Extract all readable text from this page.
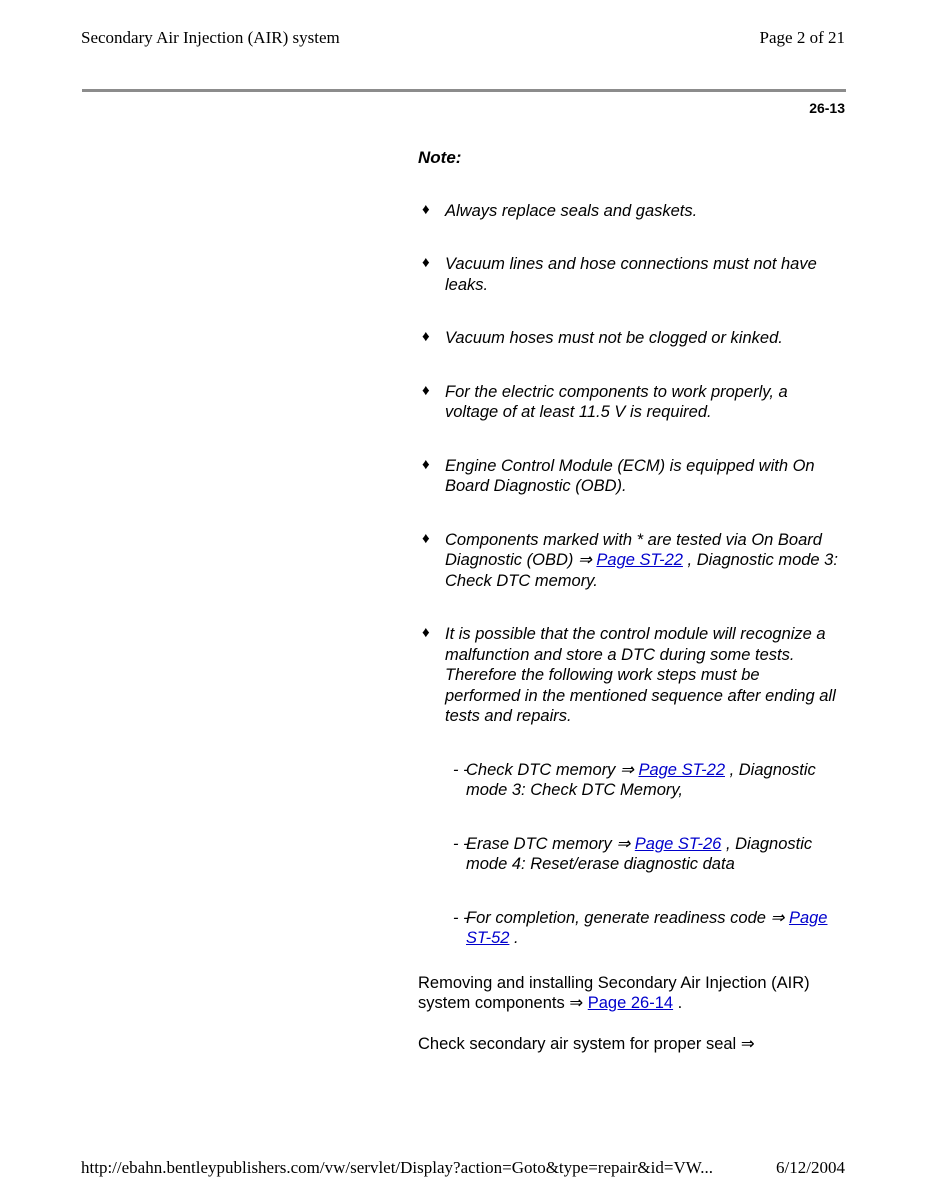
Secondary Air Injection (AIR) system	Page 2 of 21
26-13
Note:
♦ Always replace seals and gaskets.
♦ Vacuum lines and hose connections must not have leaks.
♦ Vacuum hoses must not be clogged or kinked.
♦ For the electric components to work properly, a voltage of at least 11.5 V is required.
♦ Engine Control Module (ECM) is equipped with On Board Diagnostic (OBD).
♦ Components marked with * are tested via On Board Diagnostic (OBD) ⇒ Page ST-22 , Diagnostic mode 3: Check DTC memory.
♦ It is possible that the control module will recognize a malfunction and store a DTC during some tests. Therefore the following work steps must be performed in the mentioned sequence after ending all tests and repairs.
- -
Check DTC memory ⇒ Page ST-22 , Diagnostic mode 3: Check DTC Memory,
- -
Erase DTC memory ⇒ Page ST-26 , Diagnostic mode 4: Reset/erase diagnostic data
- -
For completion, generate readiness code ⇒ Page ST-52 .
Removing and installing Secondary Air Injection (AIR) system components ⇒ Page 26-14 .
Check secondary air system for proper seal ⇒
http://ebahn.bentleypublishers.com/vw/servlet/Display?action=Goto&type=repair&id=VW...	6/12/2004
